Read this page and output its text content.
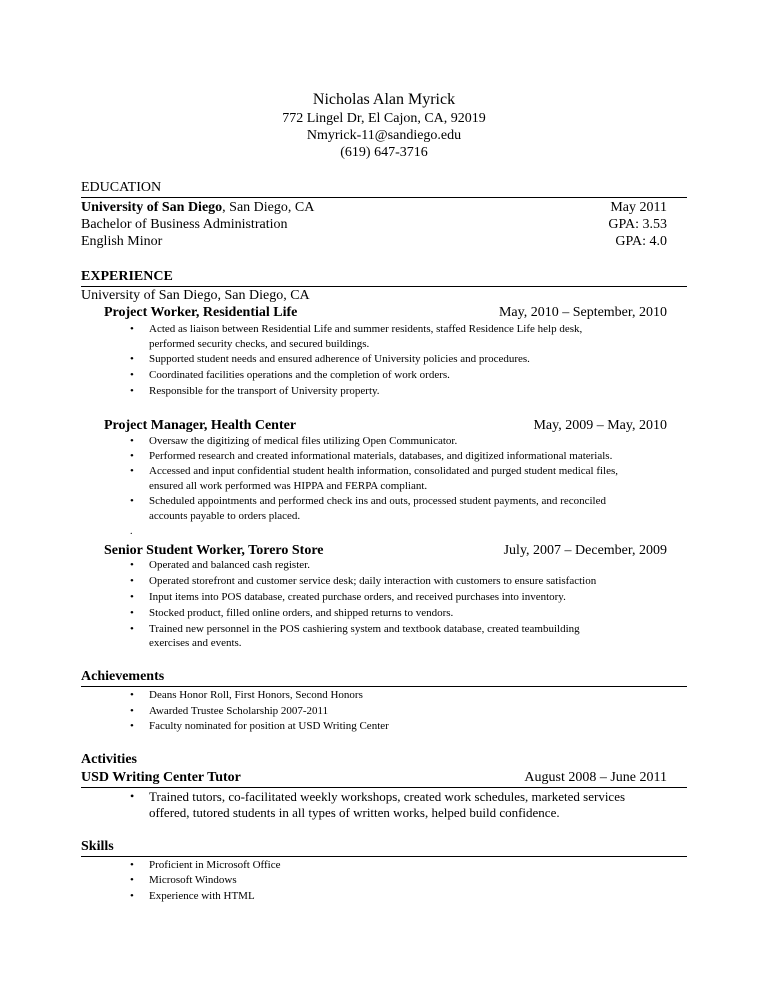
Nicholas Alan Myrick
772 Lingel Dr, El Cajon, CA, 92019
Nmyrick-11@sandiego.edu
(619) 647-3716
EDUCATION
University of San Diego, San Diego, CA	May 2011
Bachelor of Business Administration	GPA: 3.53
English Minor	GPA: 4.0
EXPERIENCE
University of San Diego, San Diego, CA
Project Worker, Residential Life	May, 2010 – September, 2010
• Acted as liaison between Residential Life and summer residents, staffed Residence Life help desk,
performed security checks, and secured buildings.
• Supported student needs and ensured adherence of University policies and procedures.
• Coordinated facilities operations and the completion of work orders.
• Responsible for the transport of University property.
Project Manager, Health Center	May, 2009 – May, 2010
• Oversaw the digitizing of medical files utilizing Open Communicator.
• Performed research and created informational materials, databases, and digitized informational materials.
• Accessed and input confidential student health information, consolidated and purged student medical files,
ensured all work performed was HIPPA and FERPA compliant.
• Scheduled appointments and performed check ins and outs, processed student payments, and reconciled
accounts payable to orders placed.
.
Senior Student Worker, Torero Store	July, 2007 – December, 2009
• Operated and balanced cash register.
• Operated storefront and customer service desk; daily interaction with customers to ensure satisfaction
• Input items into POS database, created purchase orders, and received purchases into inventory.
• Stocked product, filled online orders, and shipped returns to vendors.
• Trained new personnel in the POS cashiering system and textbook database, created teambuilding
exercises and events.
Achievements
• Deans Honor Roll, First Honors, Second Honors
• Awarded Trustee Scholarship 2007-2011
• Faculty nominated for position at USD Writing Center
Activities
USD Writing Center Tutor	August 2008 – June 2011
• Trained tutors, co-facilitated weekly workshops, created work schedules, marketed services
offered, tutored students in all types of written works, helped build confidence.
Skills
• Proficient in Microsoft Office
• Microsoft Windows
• Experience with HTML
